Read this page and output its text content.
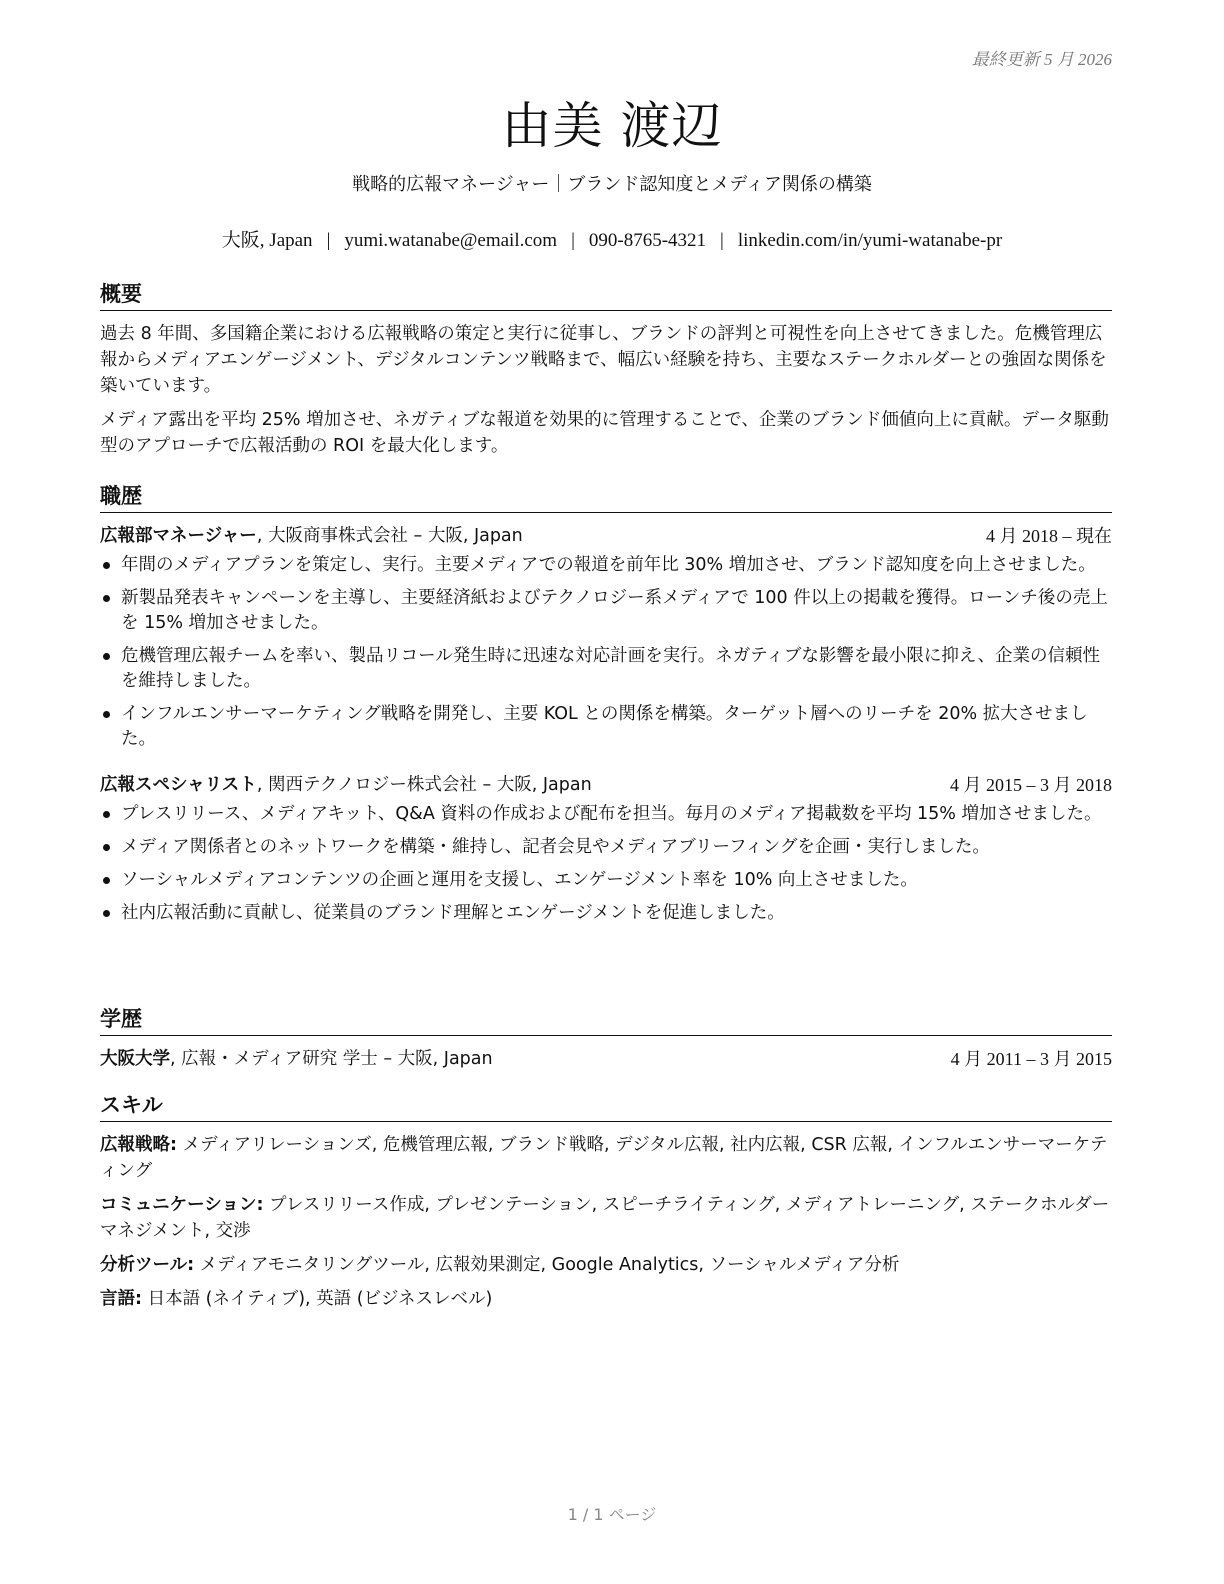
最終更新 5 月 2026
由美 渡辺
戦略的広報マネージャー｜ブランド認知度とメディア関係の構築
大阪, Japan | yumi.watanabe@email.com | 090-8765-4321 | linkedin.com/in/yumi-watanabe-pr
概要

過去 8 年間、多国籍企業における広報戦略の策定と実行に従事し、ブランドの評判と可視性を向上させてきました。危機管理広報からメディアエンゲージメント、デジタルコンテンツ戦略まで、幅広い経験を持ち、主要なステークホルダーとの強固な関係を築いています。

メディア露出を平均 25% 増加させ、ネガティブな報道を効果的に管理することで、企業のブランド価値向上に貢献。データ駆動型のアプローチで広報活動の ROI を最大化します。

職歴
広報部マネージャー, 大阪商事株式会社 – 大阪, Japan	4 月 2018 – 現在
年間のメディアプランを策定し、実行。主要メディアでの報道を前年比 30% 増加させ、ブランド認知度を向上させました。
新製品発表キャンペーンを主導し、主要経済紙およびテクノロジー系メディアで 100 件以上の掲載を獲得。ローンチ後の売上を 15% 増加させました。
危機管理広報チームを率い、製品リコール発生時に迅速な対応計画を実行。ネガティブな影響を最小限に抑え、企業の信頼性を維持しました。
インフルエンサーマーケティング戦略を開発し、主要 KOL との関係を構築。ターゲット層へのリーチを 20% 拡大させました。
広報スペシャリスト, 関西テクノロジー株式会社 – 大阪, Japan	4 月 2015 – 3 月 2018
プレスリリース、メディアキット、Q&A 資料の作成および配布を担当。毎月のメディア掲載数を平均 15% 増加させました。
メディア関係者とのネットワークを構築・維持し、記者会見やメディアブリーフィングを企画・実行しました。
ソーシャルメディアコンテンツの企画と運用を支援し、エンゲージメント率を 10% 向上させました。
社内広報活動に貢献し、従業員のブランド理解とエンゲージメントを促進しました。
学歴
大阪大学, 広報・メディア研究 学士 – 大阪, Japan	4 月 2011 – 3 月 2015
スキル
広報戦略: メディアリレーションズ, 危機管理広報, ブランド戦略, デジタル広報, 社内広報, CSR 広報, インフルエンサーマーケティング
コミュニケーション: プレスリリース作成, プレゼンテーション, スピーチライティング, メディアトレーニング, ステークホルダーマネジメント, 交渉
分析ツール: メディアモニタリングツール, 広報効果測定, Google Analytics, ソーシャルメディア分析
言語: 日本語 (ネイティブ), 英語 (ビジネスレベル)
1 / 1 ページ
